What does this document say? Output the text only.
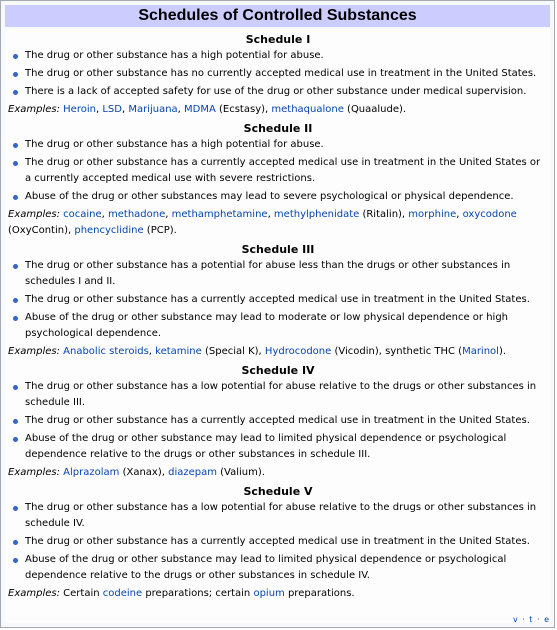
Schedules of Controlled Substances
Schedule I
The drug or other substance has a high potential for abuse.
The drug or other substance has no currently accepted medical use in treatment in the United States.
There is a lack of accepted safety for use of the drug or other substance under medical supervision.
Examples: Heroin, LSD, Marijuana, MDMA (Ecstasy), methaqualone (Quaalude).
Schedule II
The drug or other substance has a high potential for abuse.
The drug or other substance has a currently accepted medical use in treatment in the United States or a currently accepted medical use with severe restrictions.
Abuse of the drug or other substances may lead to severe psychological or physical dependence.
Examples: cocaine, methadone, methamphetamine, methylphenidate (Ritalin), morphine, oxycodone (OxyContin), phencyclidine (PCP).
Schedule III
The drug or other substance has a potential for abuse less than the drugs or other substances in schedules I and II.
The drug or other substance has a currently accepted medical use in treatment in the United States.
Abuse of the drug or other substance may lead to moderate or low physical dependence or high psychological dependence.
Examples: Anabolic steroids, ketamine (Special K), Hydrocodone (Vicodin), synthetic THC (Marinol).
Schedule IV
The drug or other substance has a low potential for abuse relative to the drugs or other substances in schedule III.
The drug or other substance has a currently accepted medical use in treatment in the United States.
Abuse of the drug or other substance may lead to limited physical dependence or psychological dependence relative to the drugs or other substances in schedule III.
Examples: Alprazolam (Xanax), diazepam (Valium).
Schedule V
The drug or other substance has a low potential for abuse relative to the drugs or other substances in schedule IV.
The drug or other substance has a currently accepted medical use in treatment in the United States.
Abuse of the drug or other substance may lead to limited physical dependence or psychological dependence relative to the drugs or other substances in schedule IV.
Examples: Certain codeine preparations; certain opium preparations.
v · t · e
